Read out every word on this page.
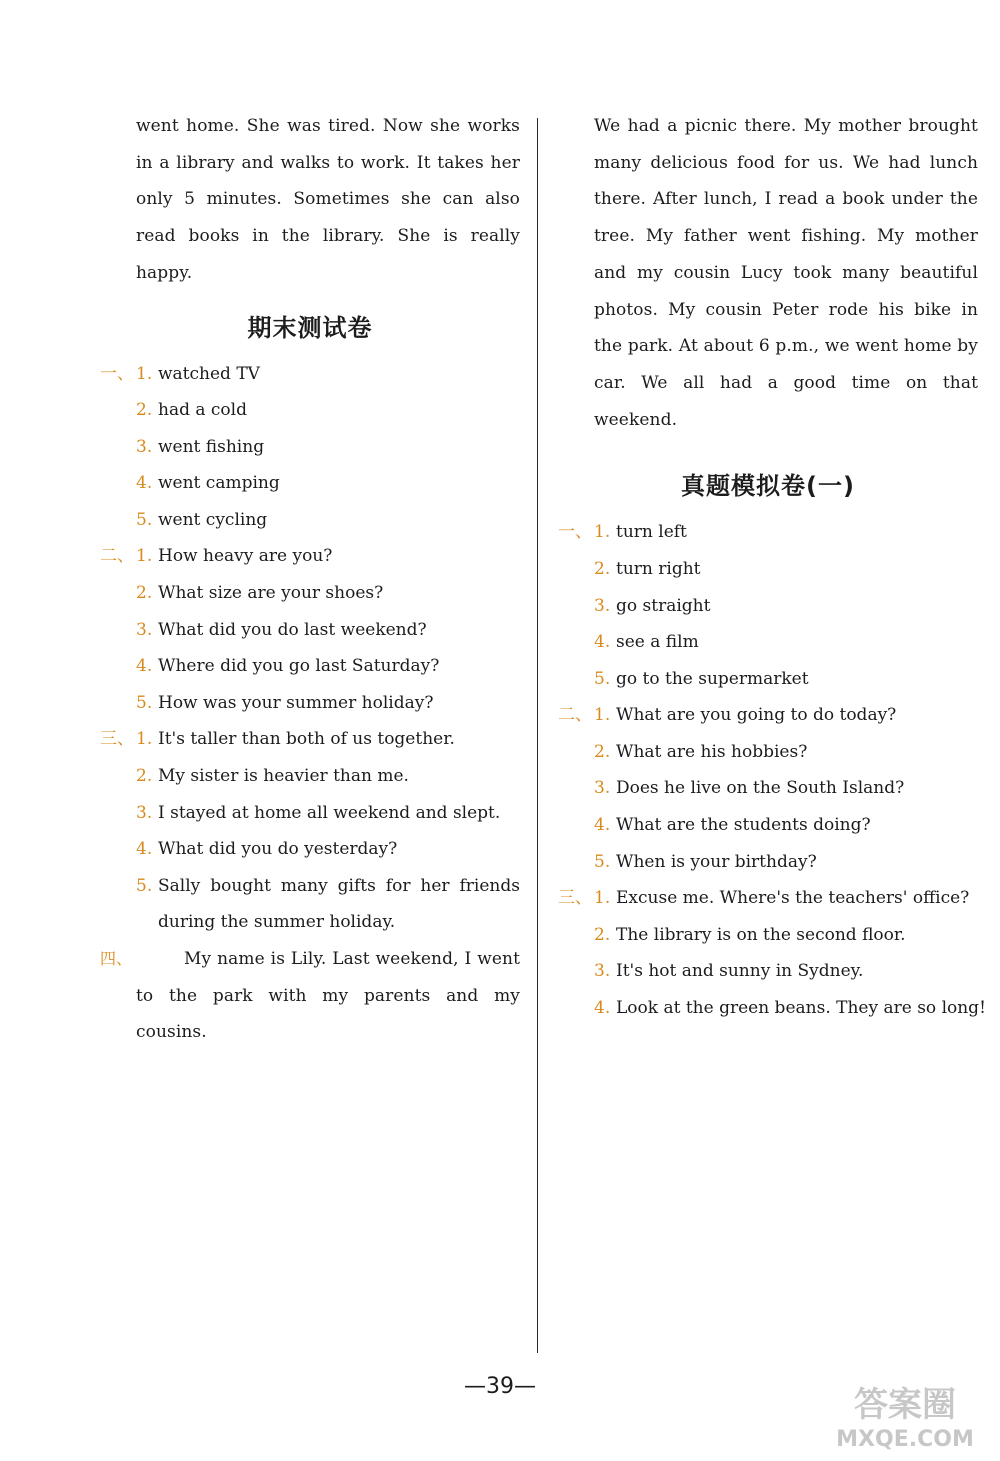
went home. She was tired. Now she works in a library and walks to work. It takes her only 5 minutes. Sometimes she can also read books in the library. She is really happy.

期末测试卷
一、 1. watched TV
2. had a cold
3. went fishing
4. went camping
5. went cycling
二、 1. How heavy are you?
2. What size are your shoes?
3. What did you do last weekend?
4. Where did you go last Saturday?
5. How was your summer holiday?
三、 1. It's taller than both of us together.
2. My sister is heavier than me.
3. I stayed at home all weekend and slept.
4. What did you do yesterday?
5. Sally bought many gifts for her friends
during the summer holiday.
四、	My name is Lily. Last weekend, I went to the park with my parents and my cousins.

We had a picnic there. My mother brought many delicious food for us. We had lunch there. After lunch, I read a book under the tree. My father went fishing. My mother and my cousin Lucy took many beautiful photos. My cousin Peter rode his bike in the park. At about 6 p.m., we went home by car. We all had a good time on that weekend.

真题模拟卷(一)
一、 1. turn left
2. turn right
3. go straight
4. see a film
5. go to the supermarket
二、 1. What are you going to do today?
2. What are his hobbies?
3. Does he live on the South Island?
4. What are the students doing?
5. When is your birthday?
三、 1. Excuse me. Where's the teachers' office?
2. The library is on the second floor.
3. It's hot and sunny in Sydney.
4. Look at the green beans. They are so long!
—39—	答案圈
MXQE.COM
